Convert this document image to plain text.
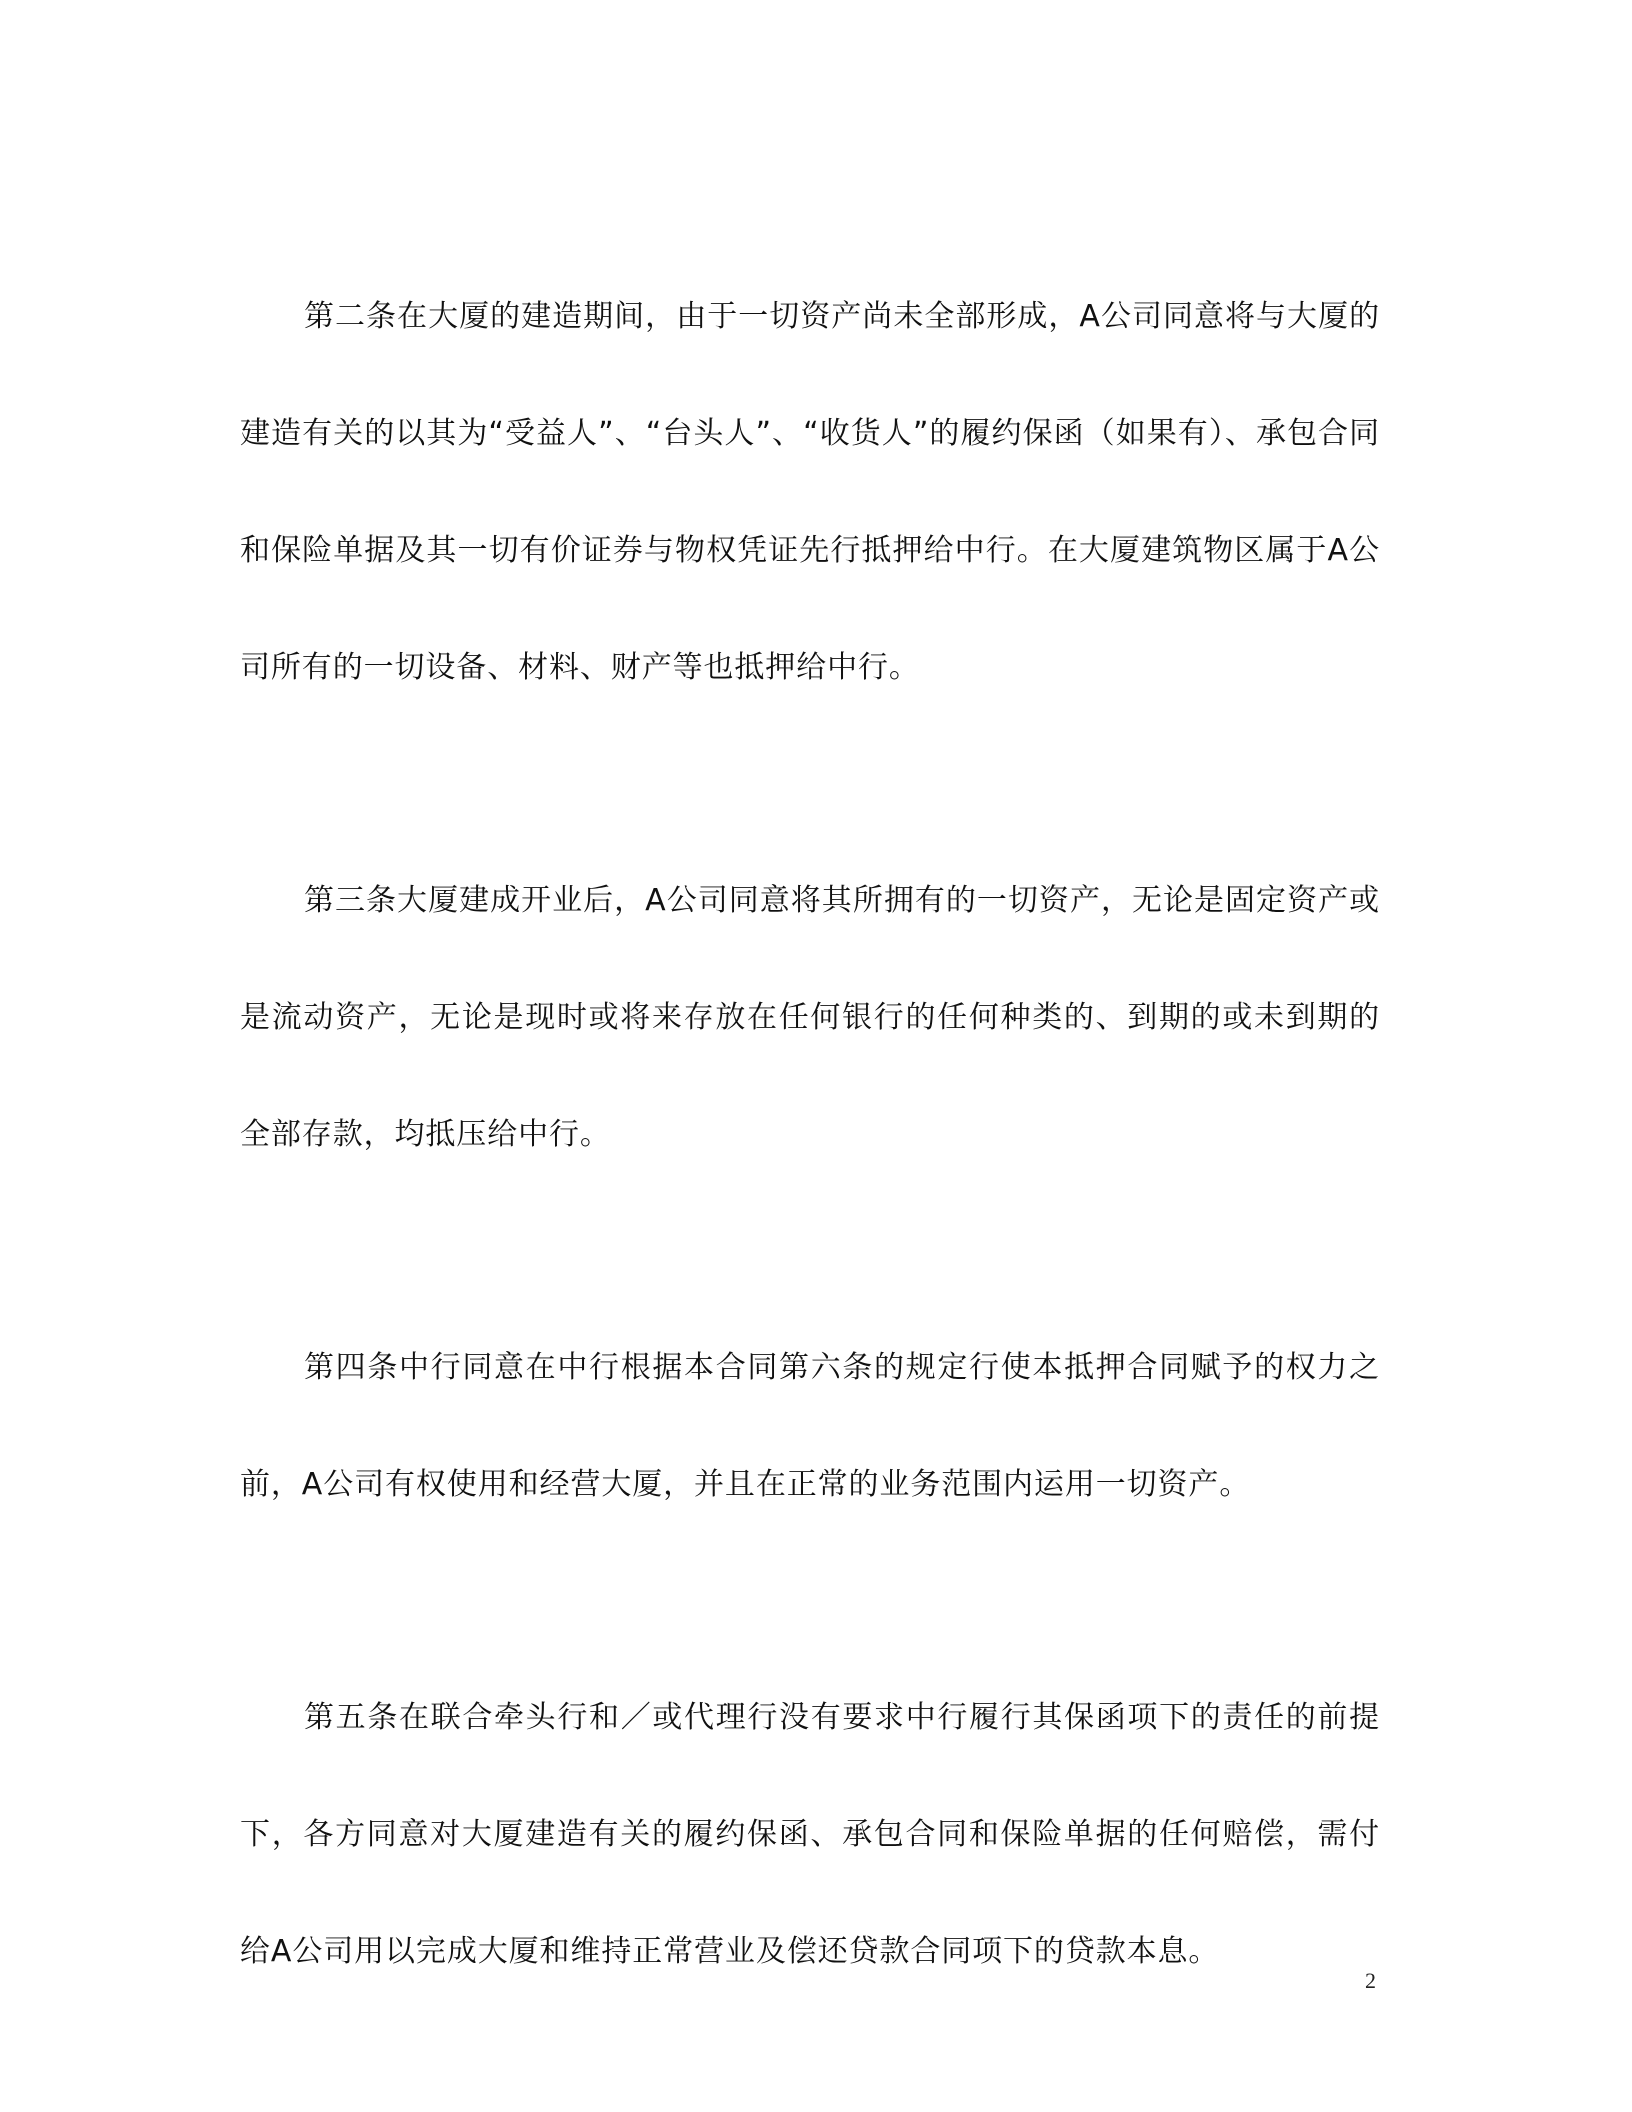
第二条在大厦的建造期间，由于一切资产尚未全部形成，A公司同意将与大厦的建造有关的以其为“受益人”、“台头人”、“收货人”的履约保函（如果有）、承包合同和保险单据及其一切有价证券与物权凭证先行抵押给中行。在大厦建筑物区属于A公司所有的一切设备、材料、财产等也抵押给中行。

第三条大厦建成开业后，A公司同意将其所拥有的一切资产，无论是固定资产或是流动资产，无论是现时或将来存放在任何银行的任何种类的、到期的或未到期的全部存款，均抵压给中行。

第四条中行同意在中行根据本合同第六条的规定行使本抵押合同赋予的权力之前，A公司有权使用和经营大厦，并且在正常的业务范围内运用一切资产。

第五条在联合牵头行和／或代理行没有要求中行履行其保函项下的责任的前提下，各方同意对大厦建造有关的履约保函、承包合同和保险单据的任何赔偿，需付给A公司用以完成大厦和维持正常营业及偿还贷款合同项下的贷款本息。

2
